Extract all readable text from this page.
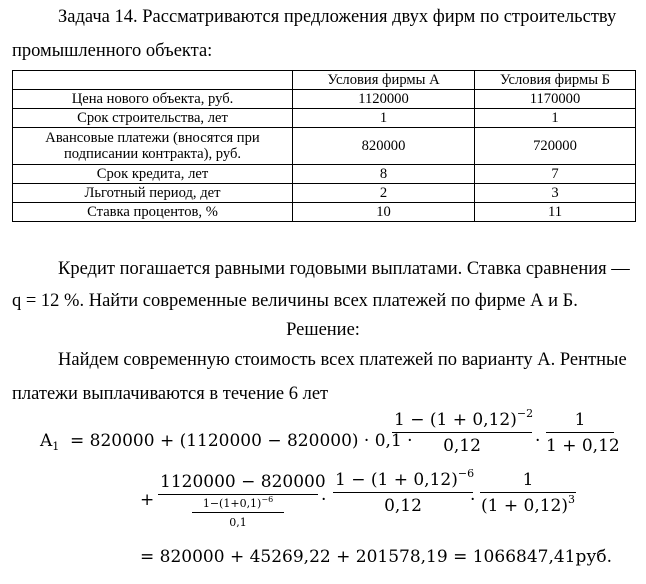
Задача 14. Рассматриваются предложения двух фирм по строительству
промышленного объекта:
	Условия фирмы А	Условия фирмы Б
Цена нового объекта, руб.	1120000	1170000
Срок строительства, лет	1	1
Авансовые платежи (вносятся при
подписании контракта), руб.	820000	720000
Срок кредита, лет	8	7
Льготный период, дет	2	3
Ставка процентов, %	10	11
Кредит погашается равными годовыми выплатами. Ставка сравнения —
q = 12 %. Найти современные величины всех платежей по фирме А и Б.
Решение:
Найдем современную стоимость всех платежей по варианту А. Рентные
платежи выплачиваются в течение 6 лет
$A_1 = 820000 + (1120000 - 820000) \cdot 0,1$ ·
$1 - (1 + 0,12)^{-2}$
0,12	·
1
1 + 0,12
+
1120000 − 820000
$1-(1+0,1)^{-6}$
0,1
·
$1 - (1 + 0,12)^{-6}$
0,12	·
1
$(1 + 0,12)^3$
= 820000 + 45269,22 + 201578,19 = 1066847,41руб.
